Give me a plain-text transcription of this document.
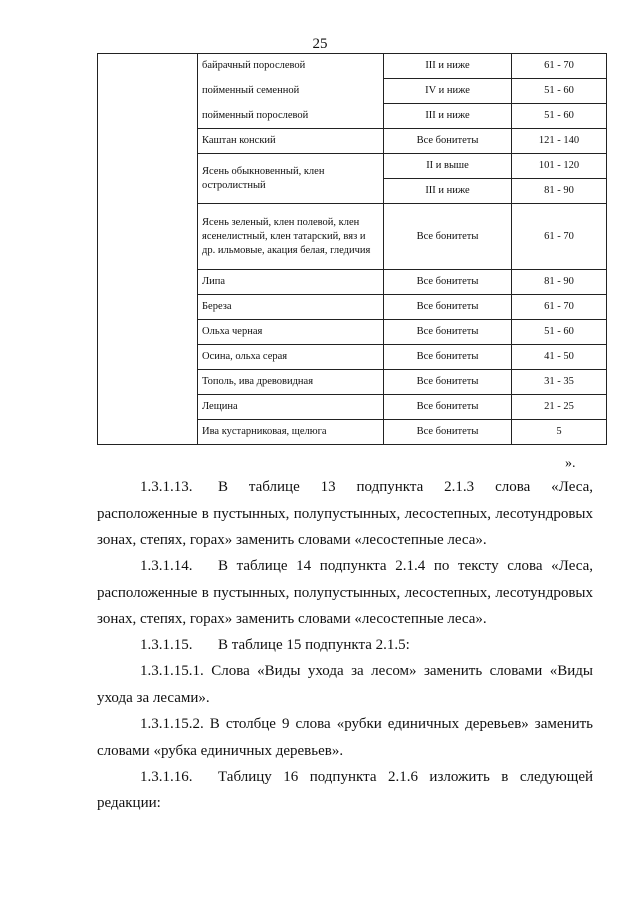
25
	байрачный порослевой	III и ниже	61 - 70
	пойменный семенной	IV и ниже	51 - 60
	пойменный порослевой	III и ниже	51 - 60
	Каштан конский	Все бонитеты	121 - 140
	Ясень обыкновенный, клен остролистный	II и выше	101 - 120
		III и ниже	81 - 90
	Ясень зеленый, клен полевой, клен ясенелистный, клен татарский, вяз и др. ильмовые, акация белая, гледичия	Все бонитеты	61 - 70
	Липа	Все бонитеты	81 - 90
	Береза	Все бонитеты	61 - 70
	Ольха черная	Все бонитеты	51 - 60
	Осина, ольха серая	Все бонитеты	41 - 50
	Тополь, ива древовидная	Все бонитеты	31 - 35
	Лещина	Все бонитеты	21 - 25
	Ива кустарниковая, щелюга	Все бонитеты	5
».
1.3.1.13. В таблице 13 подпункта 2.1.3 слова «Леса, расположенные в пустынных, полупустынных, лесостепных, лесотундровых зонах, степях, горах» заменить словами «лесостепные леса».
1.3.1.14. В таблице 14 подпункта 2.1.4 по тексту слова «Леса, расположенные в пустынных, полупустынных, лесостепных, лесотундровых зонах, степях, горах» заменить словами «лесостепные леса».
1.3.1.15. В таблице 15 подпункта 2.1.5:
1.3.1.15.1. Слова «Виды ухода за лесом» заменить словами «Виды ухода за лесами».
1.3.1.15.2. В столбце 9 слова «рубки единичных деревьев» заменить словами «рубка единичных деревьев».
1.3.1.16. Таблицу 16 подпункта 2.1.6 изложить в следующей
редакции:
